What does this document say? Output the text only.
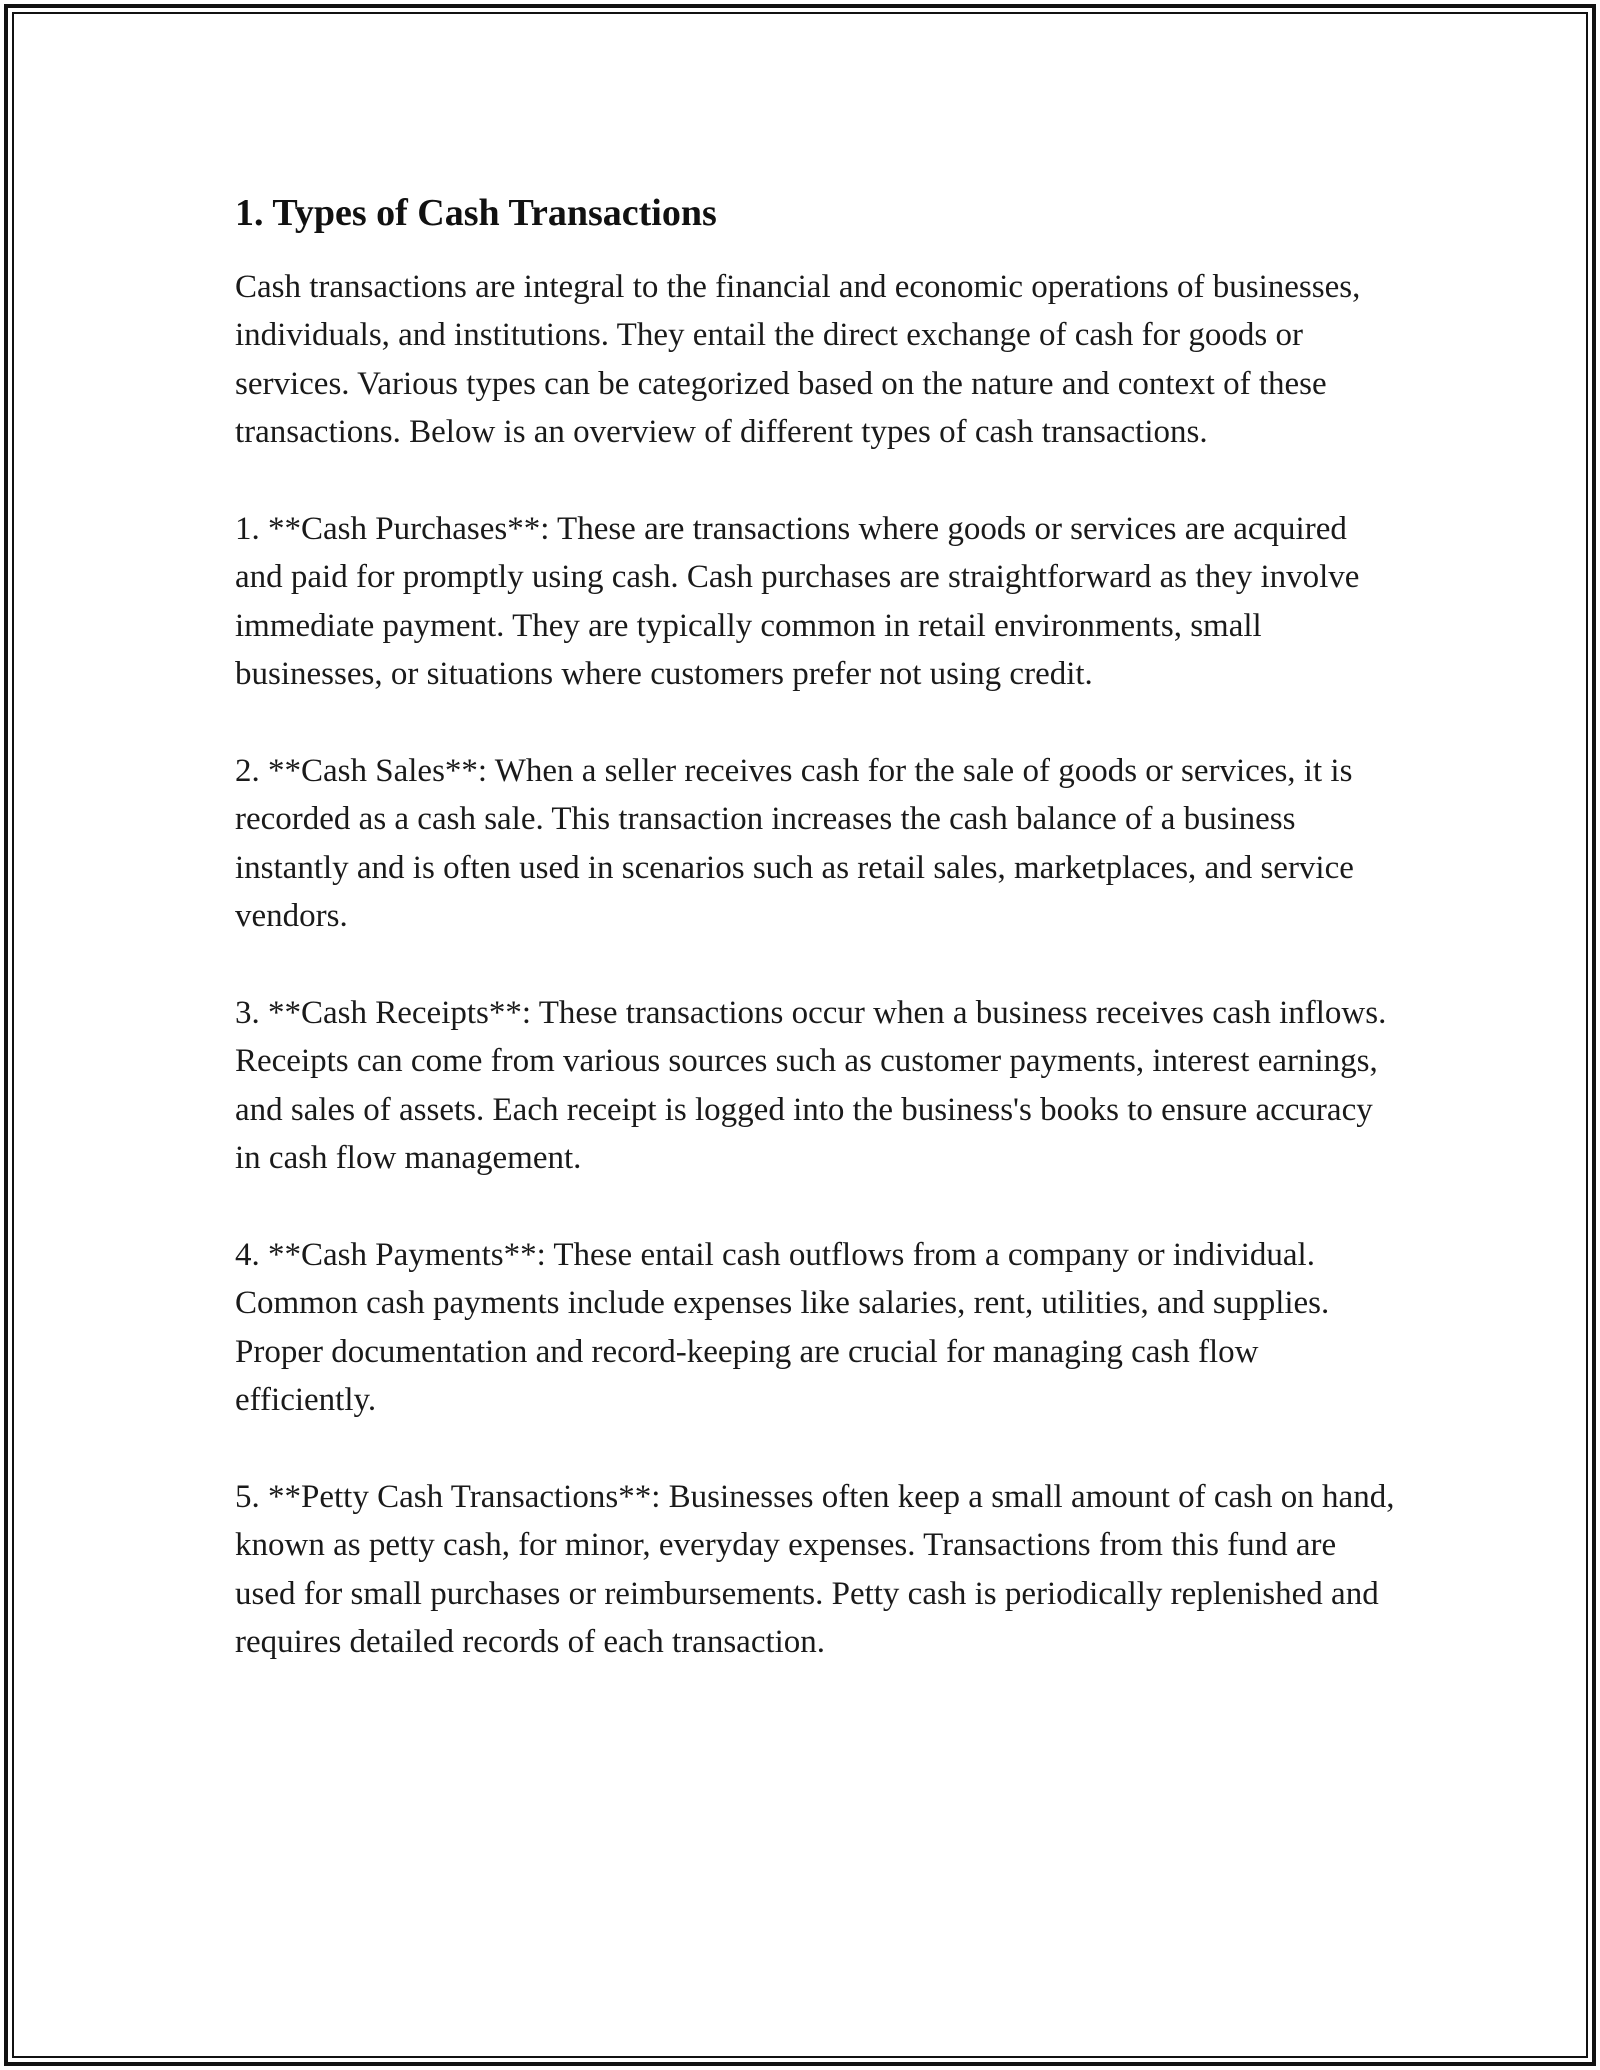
1. Types of Cash Transactions

Cash transactions are integral to the financial and economic operations of businesses, individuals, and institutions. They entail the direct exchange of cash for goods or services. Various types can be categorized based on the nature and context of these transactions. Below is an overview of different types of cash transactions.

1. **Cash Purchases**: These are transactions where goods or services are acquired and paid for promptly using cash. Cash purchases are straightforward as they involve immediate payment. They are typically common in retail environments, small businesses, or situations where customers prefer not using credit.

2. **Cash Sales**: When a seller receives cash for the sale of goods or services, it is recorded as a cash sale. This transaction increases the cash balance of a business instantly and is often used in scenarios such as retail sales, marketplaces, and service vendors.

3. **Cash Receipts**: These transactions occur when a business receives cash inflows. Receipts can come from various sources such as customer payments, interest earnings, and sales of assets. Each receipt is logged into the business's books to ensure accuracy in cash flow management.

4. **Cash Payments**: These entail cash outflows from a company or individual. Common cash payments include expenses like salaries, rent, utilities, and supplies. Proper documentation and record-keeping are crucial for managing cash flow efficiently.

5. **Petty Cash Transactions**: Businesses often keep a small amount of cash on hand, known as petty cash, for minor, everyday expenses. Transactions from this fund are used for small purchases or reimbursements. Petty cash is periodically replenished and requires detailed records of each transaction.
